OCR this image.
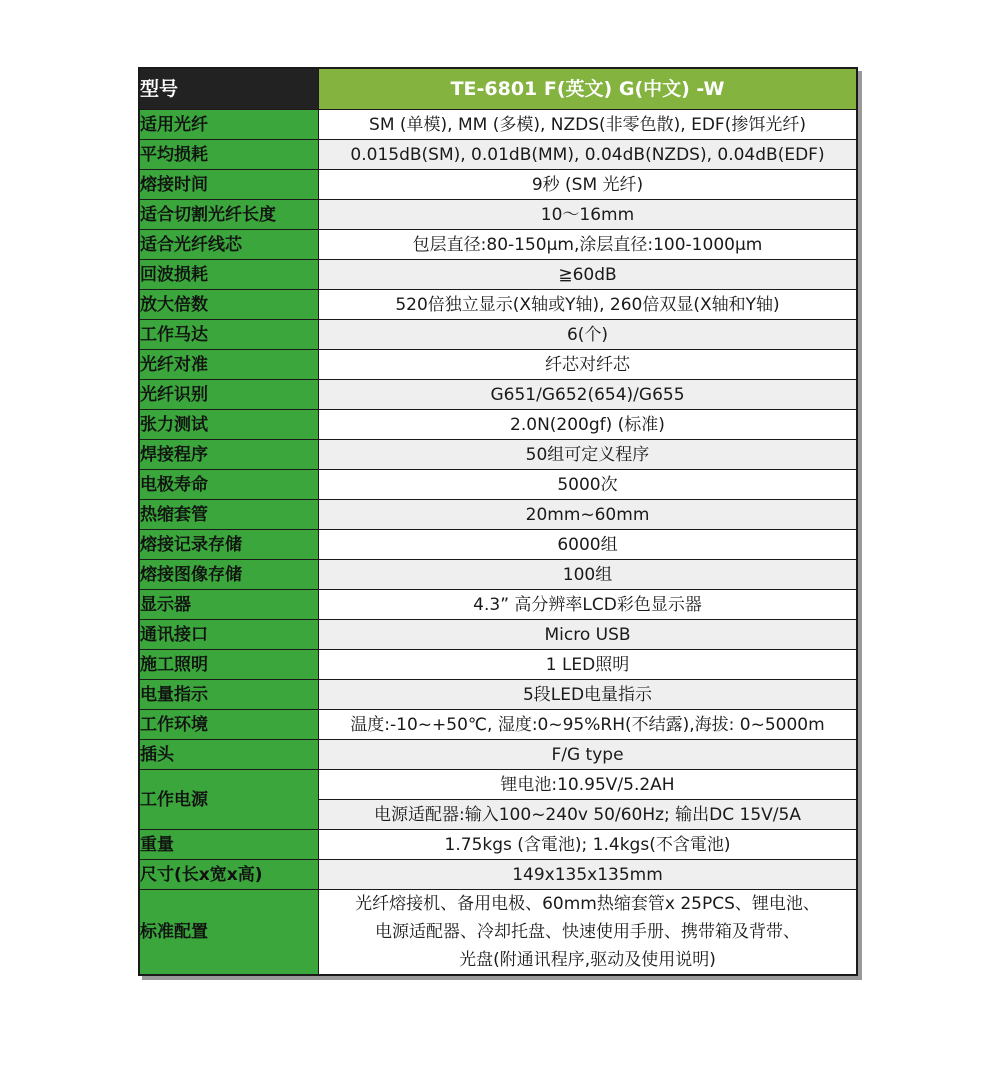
型号	TE-6801 F(英文) G(中文) -W
适用光纤	SM (单模), MM (多模), NZDS(非零色散), EDF(掺饵光纤)
平均损耗	0.015dB(SM), 0.01dB(MM), 0.04dB(NZDS), 0.04dB(EDF)
熔接时间	9秒 (SM 光纤)
适合切割光纤长度	10～16mm
适合光纤线芯	包层直径:80-150μm,涂层直径:100-1000μm
回波损耗	≧60dB
放大倍数	520倍独立显示(X轴或Y轴), 260倍双显(X轴和Y轴)
工作马达	6(个)
光纤对准	纤芯对纤芯
光纤识别	G651/G652(654)/G655
张力测试	2.0N(200gf) (标准)
焊接程序	50组可定义程序
电极寿命	5000次
热缩套管	20mm~60mm
熔接记录存储	6000组
熔接图像存储	100组
显示器	4.3” 高分辨率LCD彩色显示器
通讯接口	Micro USB
施工照明	1 LED照明
电量指示	5段LED电量指示
工作环境	温度:-10~+50℃, 湿度:0~95%RH(不结露),海拔: 0~5000m
插头	F/G type
工作电源	锂电池:10.95V/5.2AH
	电源适配器:输入100~240v 50/60Hz; 输出DC 15V/5A
重量	1.75kgs (含電池); 1.4kgs(不含電池)
尺寸(长x宽x高)	149x135x135mm
标准配置	光纤熔接机、备用电极、60mm热缩套管x 25PCS、锂电池、
电源适配器、冷却托盘、快速使用手册、携带箱及背带、
光盘(附通讯程序,驱动及使用说明)
